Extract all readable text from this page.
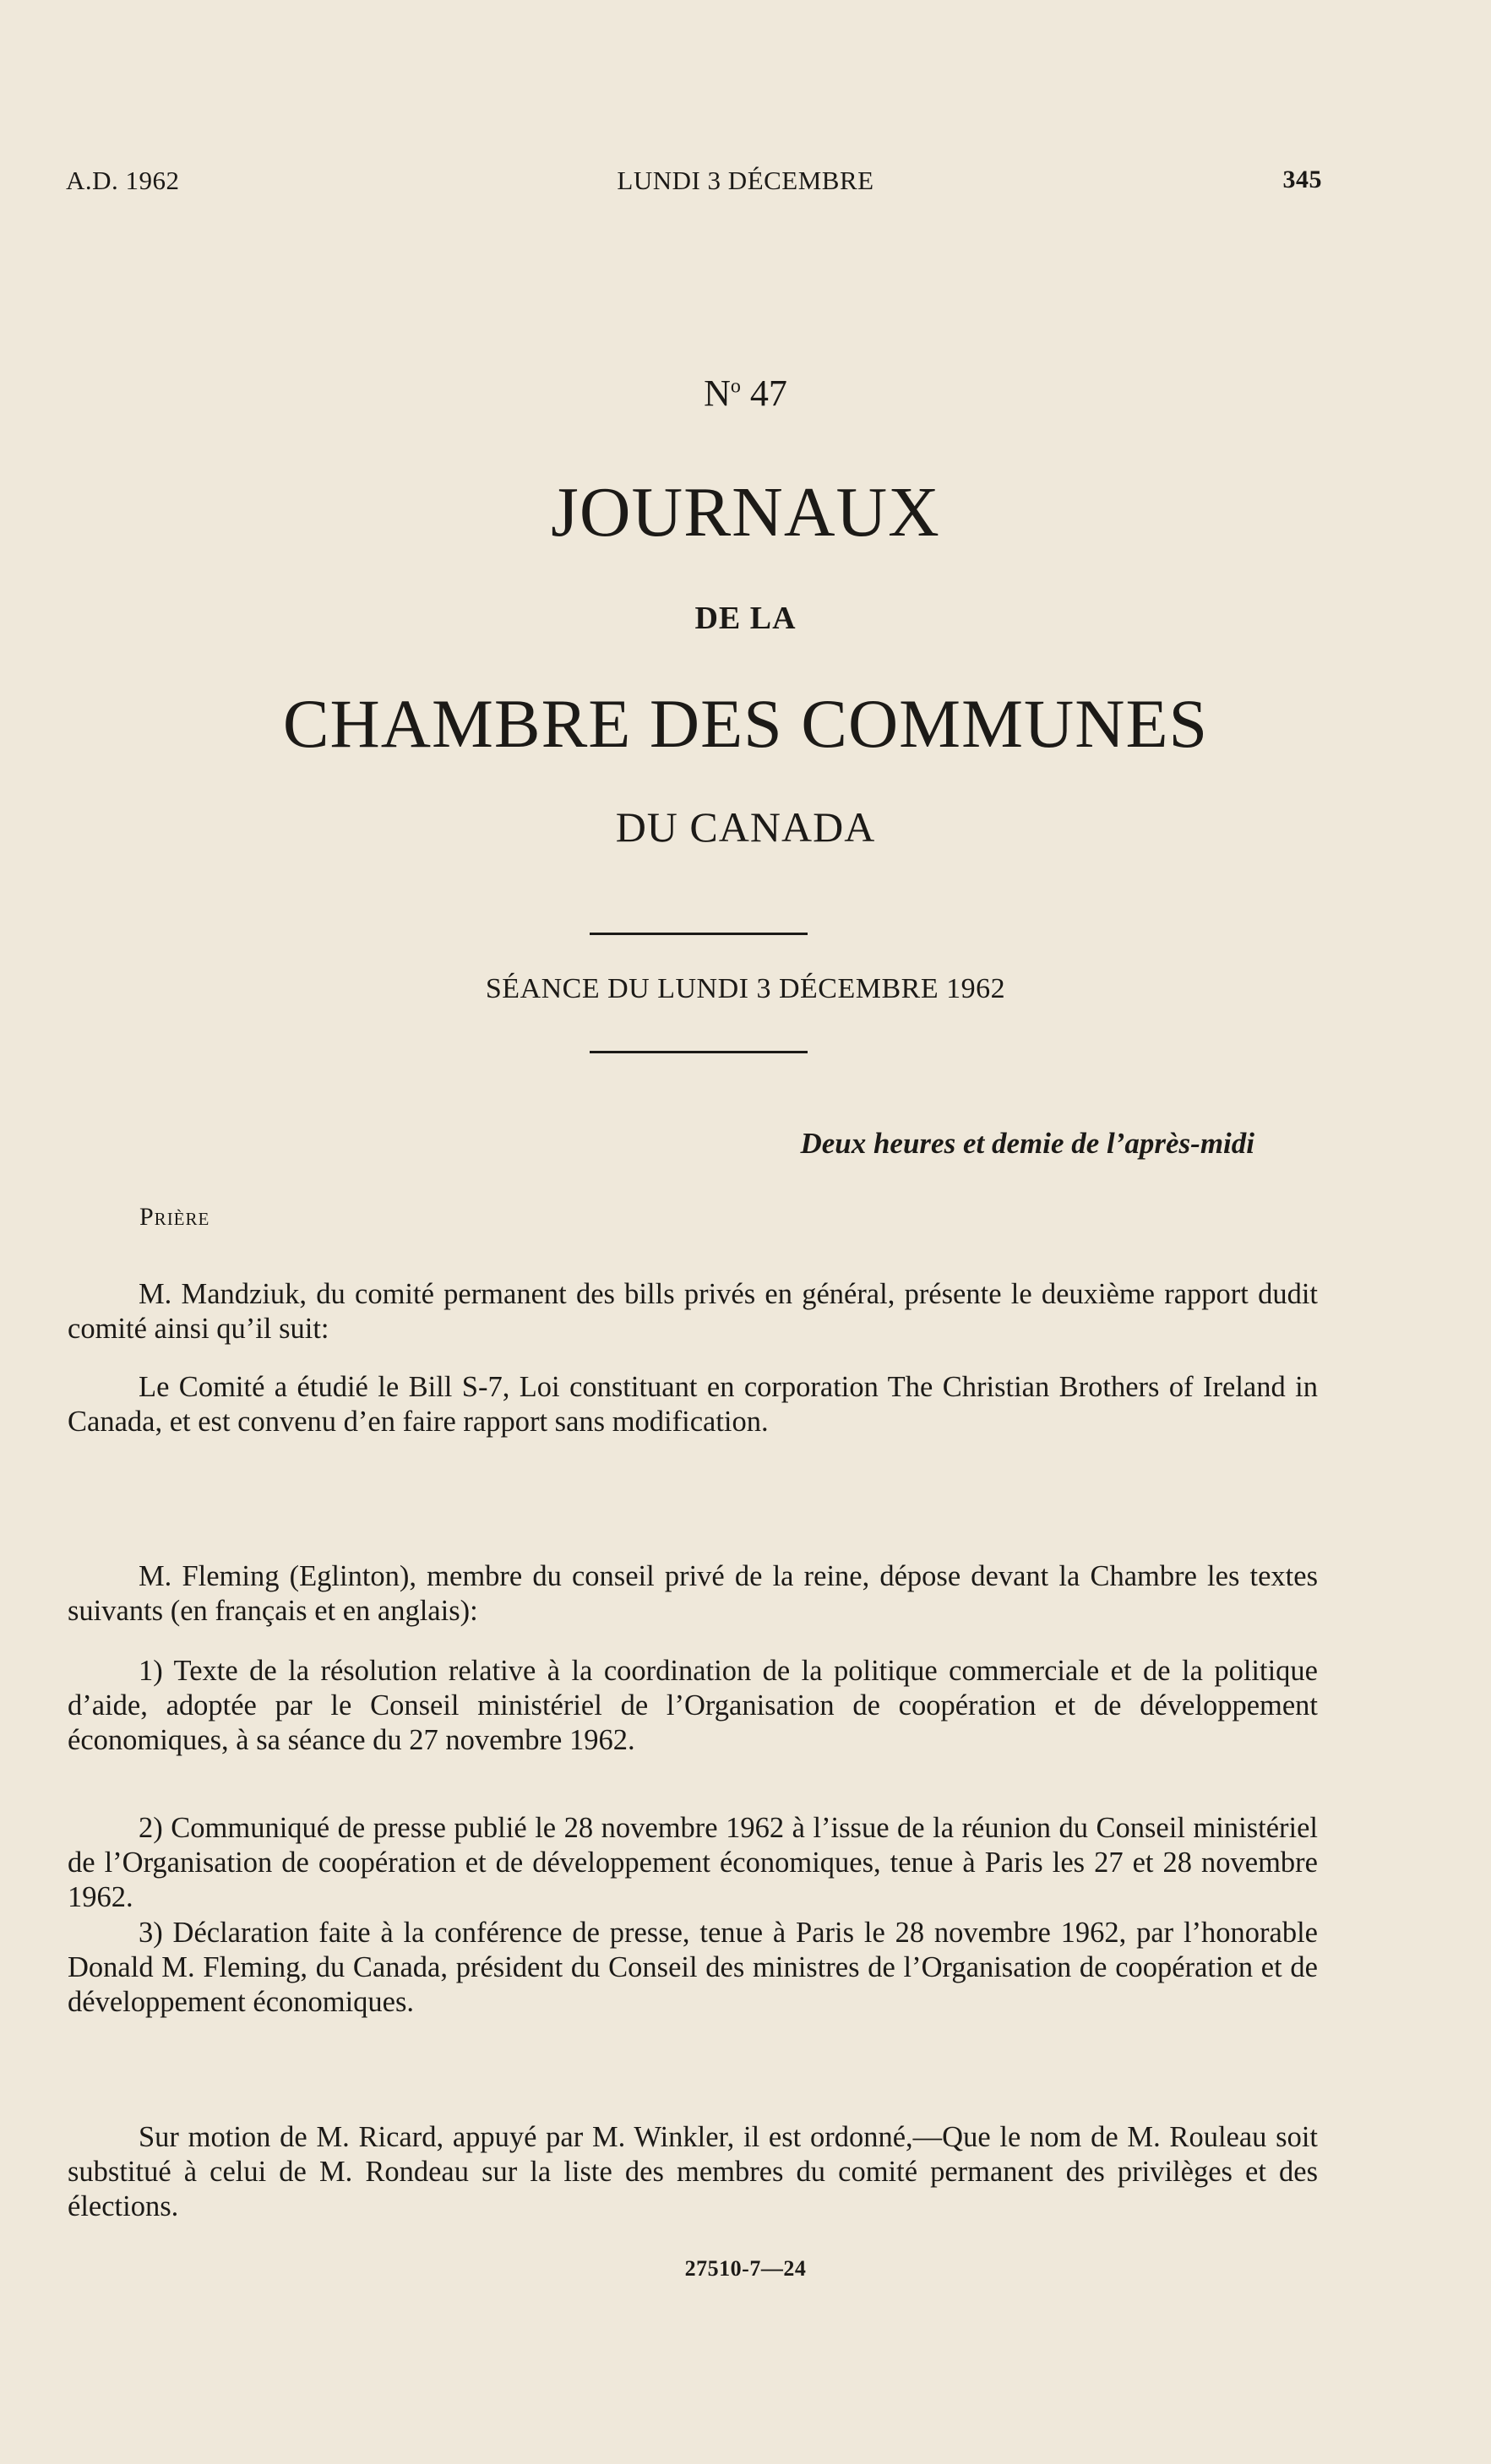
A.D. 1962	LUNDI 3 DÉCEMBRE	345
$N^o$ 47
JOURNAUX
DE LA
CHAMBRE DES COMMUNES
DU CANADA
SÉANCE DU LUNDI 3 DÉCEMBRE 1962
Deux heures et demie de l’après-midi
Prière

M. Mandziuk, du comité permanent des bills privés en général, présente le deuxième rapport dudit comité ainsi qu’il suit:

Le Comité a étudié le Bill S-7, Loi constituant en corporation The Christian Brothers of Ireland in Canada, et est convenu d’en faire rapport sans modification.

M. Fleming (Eglinton), membre du conseil privé de la reine, dépose devant la Chambre les textes suivants (en français et en anglais):

1) Texte de la résolution relative à la coordination de la politique commerciale et de la politique d’aide, adoptée par le Conseil ministériel de l’Organisation de coopération et de développement économiques, à sa séance du 27 novembre 1962.

2) Communiqué de presse publié le 28 novembre 1962 à l’issue de la réunion du Conseil ministériel de l’Organisation de coopération et de développement économiques, tenue à Paris les 27 et 28 novembre 1962.

3) Déclaration faite à la conférence de presse, tenue à Paris le 28 novembre 1962, par l’honorable Donald M. Fleming, du Canada, président du Conseil des ministres de l’Organisation de coopération et de développement économiques.

Sur motion de M. Ricard, appuyé par M. Winkler, il est ordonné,—Que le nom de M. Rouleau soit substitué à celui de M. Rondeau sur la liste des membres du comité permanent des privilèges et des élections.

27510-7—24
